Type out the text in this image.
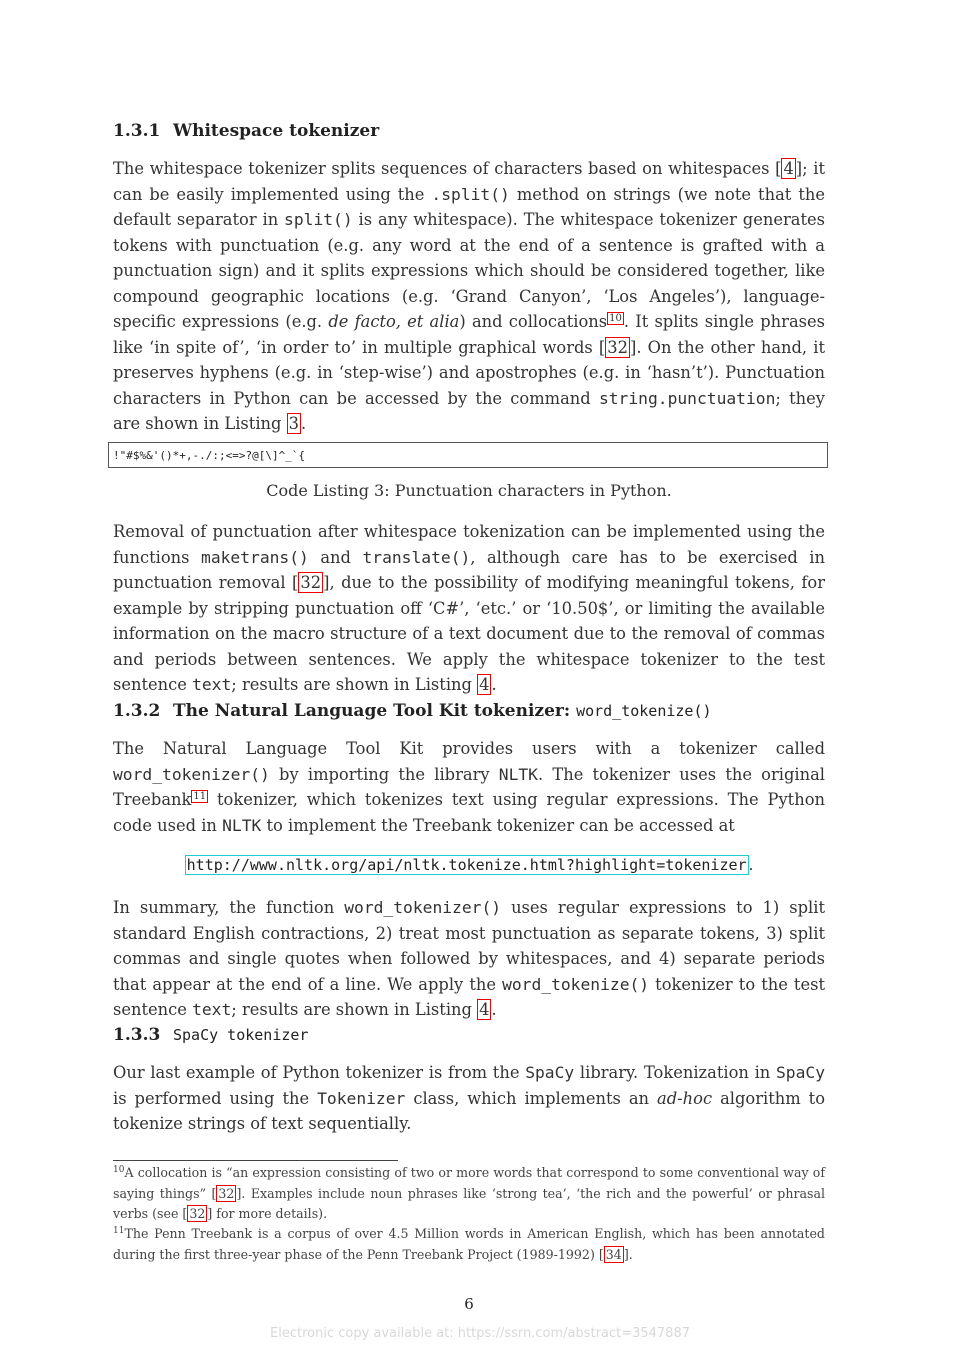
1.3.1 Whitespace tokenizer

The whitespace tokenizer splits sequences of characters based on whitespaces [ 4 ]; it can be easily implemented using the .split() method on strings (we note that the default separator in split() is any whitespace). The whitespace tokenizer generates tokens with punctuation (e.g. any word at the end of a sentence is grafted with a punctuation sign) and it splits expressions which should be considered together, like compound geographic locations (e.g. ‘Grand Canyon’, ‘Los Angeles’), language-specific expressions (e.g. de facto, et alia) and collocations $^{10}$ . It splits single phrases like ‘in spite of’, ‘in order to’ in multiple graphical words [ 32 ]. On the other hand, it preserves hyphens (e.g. in ‘step-wise’) and apostrophes (e.g. in ‘hasn’t’). Punctuation characters in Python can be accessed by the command string.punctuation; they are shown in Listing 3 .

!"#$%&'()*+,-./:;<=>?@[\]^_`{
Code Listing 3: Punctuation characters in Python.

Removal of punctuation after whitespace tokenization can be implemented using the functions maketrans() and translate(), although care has to be exercised in punctuation removal [ 32 ], due to the possibility of modifying meaningful tokens, for example by stripping punctuation off ‘C#’, ‘etc.’ or ‘10.50$’, or limiting the available information on the macro structure of a text document due to the removal of commas and periods between sentences. We apply the whitespace tokenizer to the test sentence text; results are shown in Listing 4 .

1.3.2 The Natural Language Tool Kit tokenizer: word_tokenize()

The Natural Language Tool Kit provides users with a tokenizer called word_tokenizer() by importing the library NLTK. The tokenizer uses the original Treebank $^{11}$ tokenizer, which tokenizes text using regular expressions. The Python code used in NLTK to implement the Treebank tokenizer can be accessed at

http://www.nltk.org/api/nltk.tokenize.html?highlight=tokenizer .

In summary, the function word_tokenizer() uses regular expressions to 1) split standard English contractions, 2) treat most punctuation as separate tokens, 3) split commas and single quotes when followed by whitespaces, and 4) separate periods that appear at the end of a line. We apply the word_tokenize() tokenizer to the test sentence text; results are shown in Listing 4 .

1.3.3 SpaCy tokenizer

Our last example of Python tokenizer is from the SpaCy library. Tokenization in SpaCy is performed using the Tokenizer class, which implements an ad-hoc algorithm to tokenize strings of text sequentially.

$^{10}$A collocation is “an expression consisting of two or more words that correspond to some conventional way of saying things” [ 32 ]. Examples include noun phrases like ‘strong tea’, ‘the rich and the powerful’ or phrasal verbs (see [ 32 ] for more details).

$^{11}$The Penn Treebank is a corpus of over 4.5 Million words in American English, which has been annotated during the first three-year phase of the Penn Treebank Project (1989-1992) [ 34 ].

6
Electronic copy available at: https://ssrn.com/abstract=3547887
